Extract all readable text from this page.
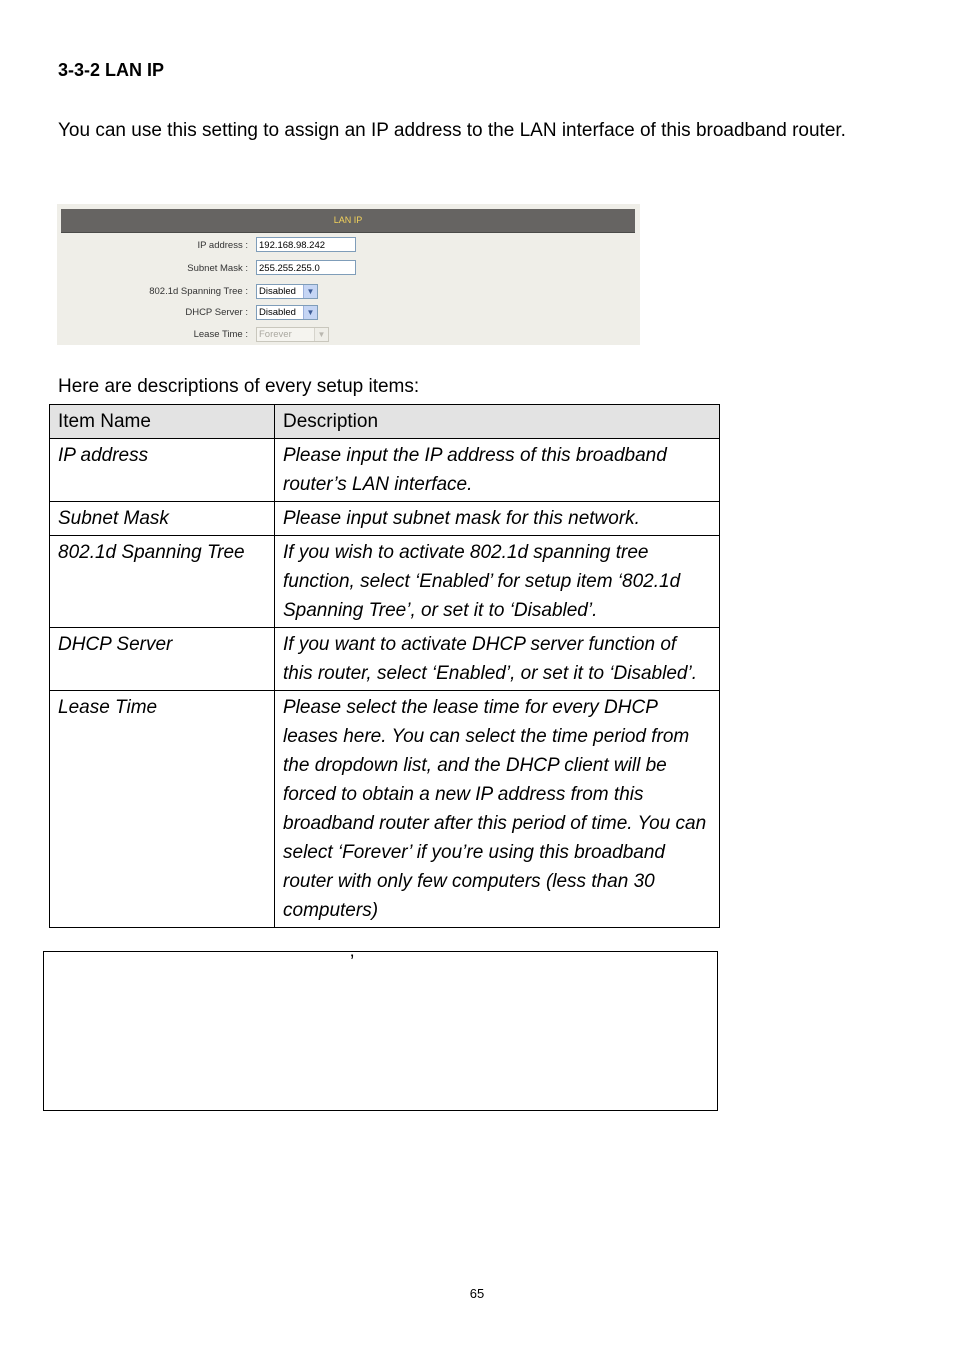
3-3-2 LAN IP
You can use this setting to assign an IP address to the LAN interface of this broadband router.
LAN IP
IP address :	192.168.98.242
Subnet Mask :	255.255.255.0
802.1d Spanning Tree :	Disabled	▼
DHCP Server :	Disabled	▼
Lease Time :	Forever	▼
Here are descriptions of every setup items:
Item Name	Description
IP address	Please input the IP address of this broadband router’s LAN interface.
Subnet Mask	Please input subnet mask for this network.
802.1d Spanning Tree	If you wish to activate 802.1d spanning tree function, select ‘Enabled’ for setup item ‘802.1d Spanning Tree’, or set it to ‘Disabled’.
DHCP Server	If you want to activate DHCP server function of this router, select ‘Enabled’, or set it to ‘Disabled’.
Lease Time	Please select the lease time for every DHCP leases here. You can select the time period from the dropdown list, and the DHCP client will be forced to obtain a new IP address from this broadband router after this period of time. You can select ‘Forever’ if you’re using this broadband router with only few computers (less than 30 computers)
’
65
